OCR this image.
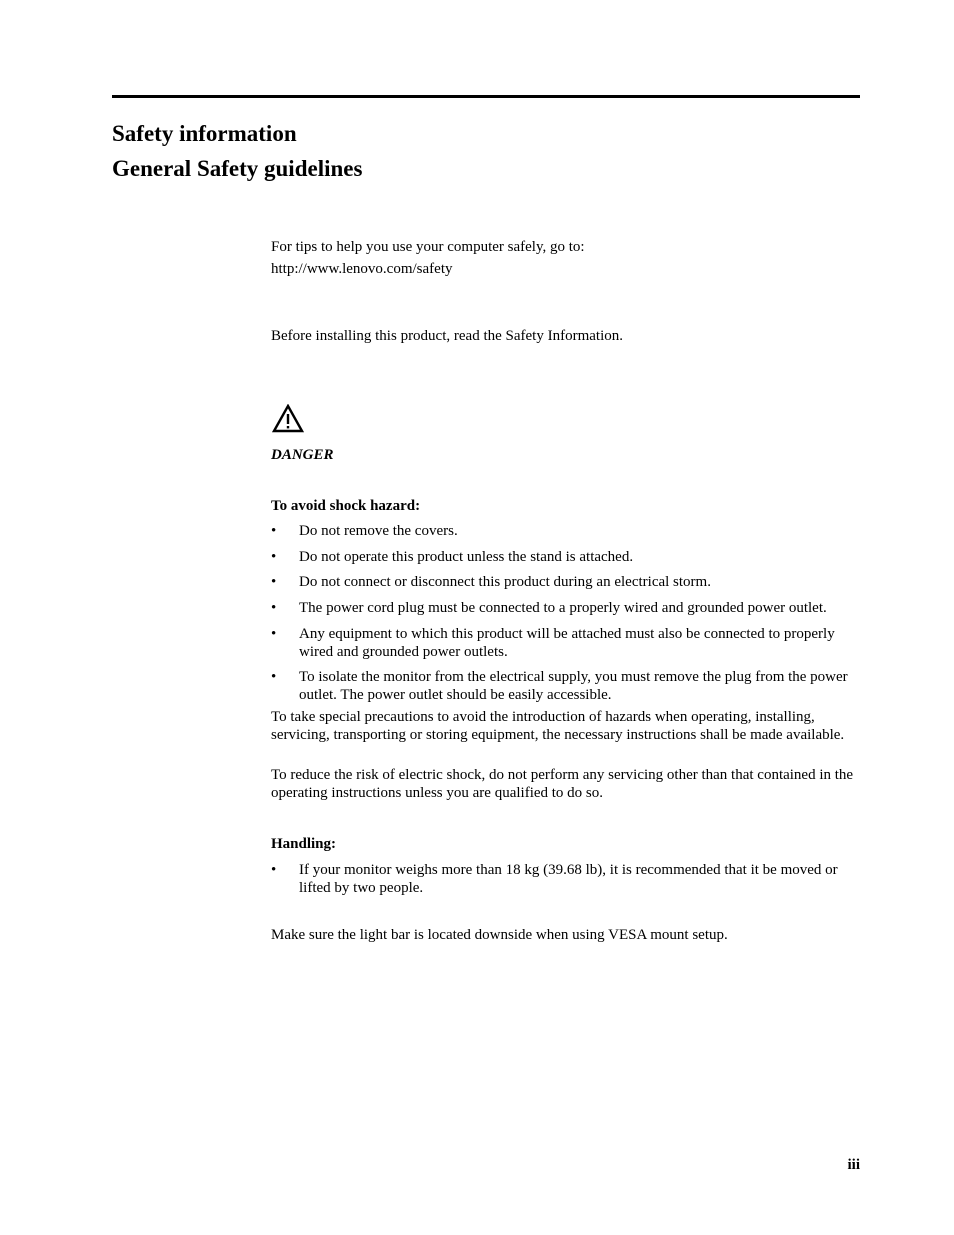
Safety information
General Safety guidelines
For tips to help you use your computer safely, go to:
http://www.lenovo.com/safety
Before installing this product, read the Safety Information.
DANGER
To avoid shock hazard:
• Do not remove the covers.
• Do not operate this product unless the stand is attached.
• Do not connect or disconnect this product during an electrical storm.
• The power cord plug must be connected to a properly wired and grounded power outlet.
• Any equipment to which this product will be attached must also be connected to properly wired and grounded power outlets.
• To isolate the monitor from the electrical supply, you must remove the plug from the power outlet. The power outlet should be easily accessible.
To take special precautions to avoid the introduction of hazards when operating, installing, servicing, transporting or storing equipment, the necessary instructions shall be made available.
To reduce the risk of electric shock, do not perform any servicing other than that contained in the operating instructions unless you are qualified to do so.
Handling:
• If your monitor weighs more than 18 kg (39.68 lb), it is recommended that it be moved or lifted by two people.
Make sure the light bar is located downside when using VESA mount setup.
iii
